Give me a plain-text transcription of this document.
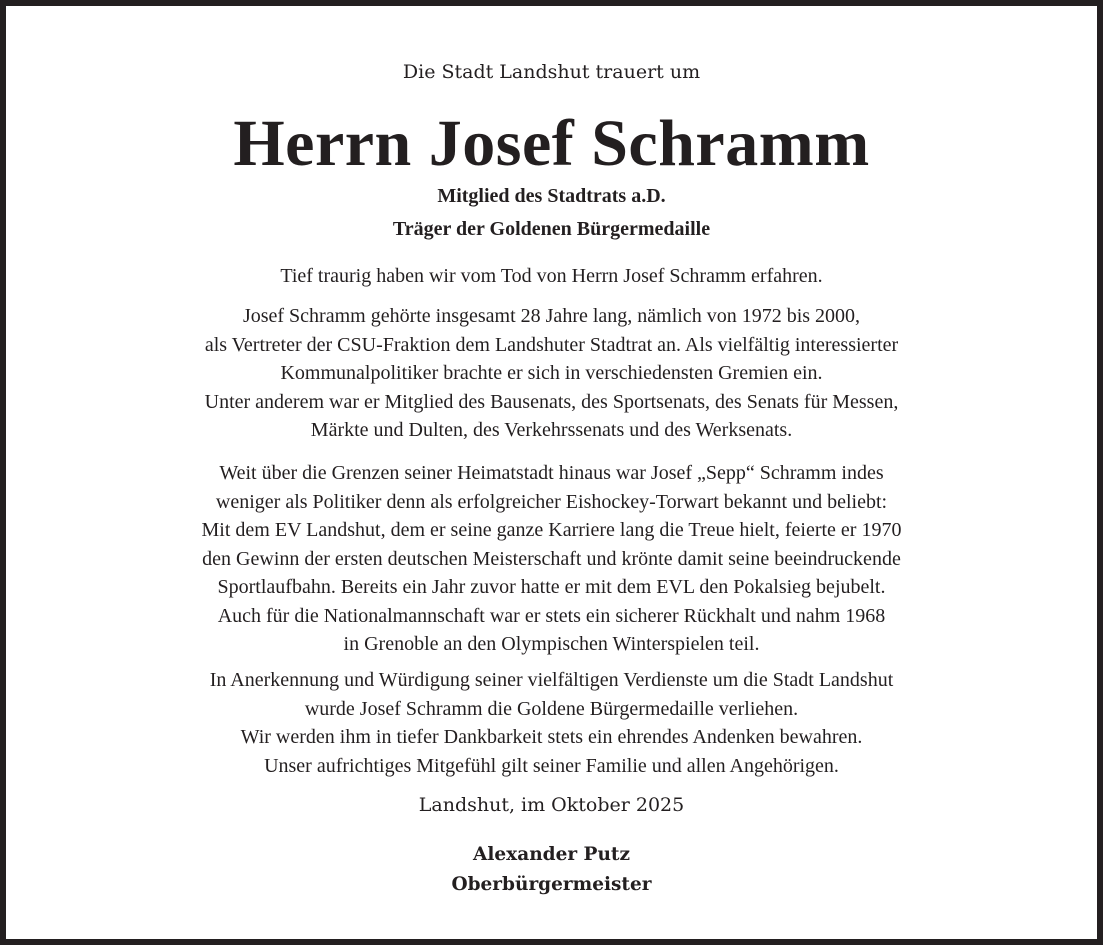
Die Stadt Landshut trauert um
Herrn Josef Schramm
Mitglied des Stadtrats a.D.
Träger der Goldenen Bürgermedaille
Tief traurig haben wir vom Tod von Herrn Josef Schramm erfahren.
Josef Schramm gehörte insgesamt 28 Jahre lang, nämlich von 1972 bis 2000,
als Vertreter der CSU-Fraktion dem Landshuter Stadtrat an. Als vielfältig interessierter
Kommunalpolitiker brachte er sich in verschiedensten Gremien ein.
Unter anderem war er Mitglied des Bausenats, des Sportsenats, des Senats für Messen,
Märkte und Dulten, des Verkehrssenats und des Werksenats.
Weit über die Grenzen seiner Heimatstadt hinaus war Josef „Sepp“ Schramm indes
weniger als Politiker denn als erfolgreicher Eishockey-Torwart bekannt und beliebt:
Mit dem EV Landshut, dem er seine ganze Karriere lang die Treue hielt, feierte er 1970
den Gewinn der ersten deutschen Meisterschaft und krönte damit seine beeindruckende
Sportlaufbahn. Bereits ein Jahr zuvor hatte er mit dem EVL den Pokalsieg bejubelt.
Auch für die Nationalmannschaft war er stets ein sicherer Rückhalt und nahm 1968
in Grenoble an den Olympischen Winterspielen teil.
In Anerkennung und Würdigung seiner vielfältigen Verdienste um die Stadt Landshut
wurde Josef Schramm die Goldene Bürgermedaille verliehen.
Wir werden ihm in tiefer Dankbarkeit stets ein ehrendes Andenken bewahren.
Unser aufrichtiges Mitgefühl gilt seiner Familie und allen Angehörigen.
Landshut, im Oktober 2025
Alexander Putz
Oberbürgermeister
